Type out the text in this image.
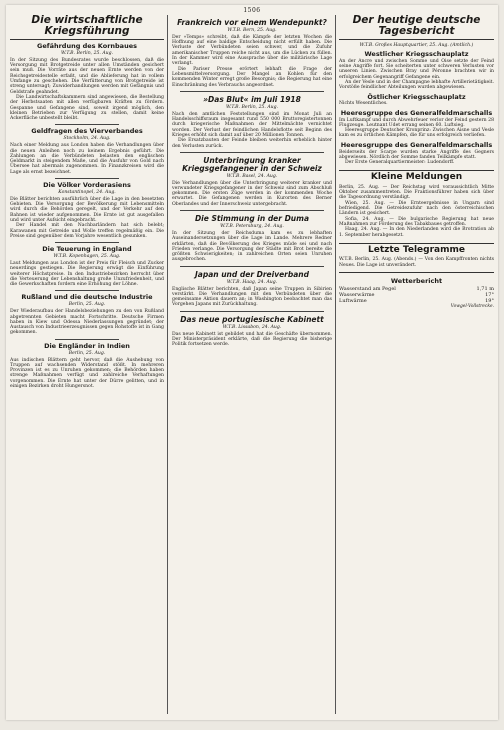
1506
Die wirtschaftliche Kriegsführung
Gefährdung des Kornbaues
W.T.B. Berlin, 25. Aug.

In der Sitzung des Bundesrates wurde beschlossen, daß die Versorgung mit Brotgetreide unter allen Umständen gesichert sein muß. Die Vorräte aus der neuen Ernte werden von der Reichsgetreidestelle erfaßt, und die Ablieferung hat in vollem Umfange zu geschehen. Die Verfütterung von Brotgetreide ist streng untersagt; Zuwiderhandlungen werden mit Gefängnis und Geldstrafe geahndet.

Die Landwirtschaftskammern sind angewiesen, die Bestellung der Herbstsaaten mit allen verfügbaren Kräften zu fördern. Gespanne und Gefangene sind, soweit irgend möglich, den kleinen Betrieben zur Verfügung zu stellen, damit keine Ackerfläche unbestellt bleibt.

Geldfragen des Vierverbandes
Stockholm, 24. Aug.

Nach einer Meldung aus London haben die Verhandlungen über die neuen Anleihen noch zu keinem Ergebnis geführt. Die Zahlungen an die Verbündeten belasten den englischen Geldmarkt in steigendem Maße, und die Ausfuhr von Gold nach Übersee hat abermals zugenommen. In Finanzkreisen wird die Lage als ernst bezeichnet.

Die Völker Vorderasiens
Konstantinopel, 24. Aug.

Die Blätter berichten ausführlich über die Lage in den besetzten Gebieten. Die Versorgung der Bevölkerung mit Lebensmitteln wird durch die Behörden geregelt, und der Verkehr auf den Bahnen ist wieder aufgenommen. Die Ernte ist gut ausgefallen und wird unter Aufsicht eingebracht.

Der Handel mit den Nachbarländern hat sich belebt; Karawanen mit Getreide und Wolle treffen regelmäßig ein. Die Preise sind gegenüber dem Vorjahre wesentlich gesunken.

Die Teuerung in England
W.T.B. Kopenhagen, 25. Aug.

Laut Meldungen aus London ist der Preis für Fleisch und Zucker neuerdings gestiegen. Die Regierung erwägt die Einführung weiterer Höchstpreise. In den Industriebezirken herrscht über die Verteuerung der Lebenshaltung große Unzufriedenheit, und die Gewerkschaften fordern eine Erhöhung der Löhne.

Rußland und die deutsche Industrie
Berlin, 25. Aug.

Der Wiederaufbau der Handelsbeziehungen zu den von Rußland abgetrennten Gebieten macht Fortschritte. Deutsche Firmen haben in Kiew und Odessa Niederlassungen gegründet; der Austausch von Industrieerzeugnissen gegen Rohstoffe ist in Gang gekommen.

Die Engländer in Indien
Berlin, 25. Aug.

Aus indischen Blättern geht hervor, daß die Aushebung von Truppen auf wachsenden Widerstand stößt. In mehreren Provinzen ist es zu Unruhen gekommen; die Behörden haben strenge Maßnahmen verfügt und zahlreiche Verhaftungen vorgenommen. Die Ernte hat unter der Dürre gelitten, und in einigen Bezirken droht Hungersnot.

Frankreich vor einem Wendepunkt?
W.T.B. Bern, 25. Aug.

Der »Temps« schreibt, daß die Kämpfe der letzten Wochen die Hoffnung auf eine baldige Entscheidung nicht erfüllt haben. Die Verluste der Verbündeten seien schwer, und die Zufuhr amerikanischer Truppen reiche nicht aus, um die Lücken zu füllen. In der Kammer wird eine Aussprache über die militärische Lage verlangt.

Die Pariser Presse erörtert lebhaft die Frage der Lebensmittelversorgung. Der Mangel an Kohlen für den kommenden Winter erregt große Besorgnis; die Regierung hat eine Einschränkung des Verbrauchs angeordnet.

»Das Blut« im Juli 1918
W.T.B. Berlin, 25. Aug.

Nach den amtlichen Feststellungen sind im Monat Juli an Handelsschiffsraum insgesamt rund 550 000 Bruttoregistertonnen durch kriegerische Maßnahmen der Mittelmächte vernichtet worden. Der Verlust der feindlichen Handelsflotte seit Beginn des Krieges erhöht sich damit auf über 20 Millionen Tonnen.

Die Ersatzbauten der Feinde bleiben weiterhin erheblich hinter den Verlusten zurück.

Unterbringung kranker Kriegsgefangener in der Schweiz
W.T.B. Basel, 24. Aug.

Die Verhandlungen über die Unterbringung weiterer kranker und verwundeter Kriegsgefangener in der Schweiz sind zum Abschluß gekommen. Die ersten Züge werden in der kommenden Woche erwartet. Die Gefangenen werden in Kurorten des Berner Oberlandes und der Innerschweiz untergebracht.

Die Stimmung in der Duma
W.T.B. Petersburg, 24. Aug.

In der Sitzung der Reichsduma kam es zu lebhaften Auseinandersetzungen über die Lage im Lande. Mehrere Redner erklärten, daß die Bevölkerung des Krieges müde sei und nach Frieden verlange. Die Versorgung der Städte mit Brot bereite die größten Schwierigkeiten; in zahlreichen Orten seien Unruhen ausgebrochen.

Japan und der Dreiverband
W.T.B. Haag, 24. Aug.

Englische Blätter berichten, daß Japan seine Truppen in Sibirien verstärkt. Die Verhandlungen mit den Verbündeten über die gemeinsame Aktion dauern an; in Washington beobachtet man das Vorgehen Japans mit Zurückhaltung.

Das neue portugiesische Kabinett
W.T.B. Lissabon, 24. Aug.

Das neue Kabinett ist gebildet und hat die Geschäfte übernommen. Der Ministerpräsident erklärte, daß die Regierung die bisherige Politik fortsetzen werde.

Der heutige deutsche Tagesbericht
W.T.B. Großes Hauptquartier, 25. Aug. (Amtlich.)
Westlicher Kriegsschauplatz

An der Ancre und zwischen Somme und Oise setzte der Feind seine Angriffe fort. Sie scheiterten unter schweren Verlusten vor unseren Linien. Zwischen Bray und Péronne brachten wir in erfolgreichem Gegenangriff Gefangene ein.

An der Vesle und in der Champagne lebhafte Artillerietätigkeit. Vorstöße feindlicher Abteilungen wurden abgewiesen.

Östlicher Kriegsschauplatz

Nichts Wesentliches.

Heeresgruppe des Generalfeldmarschalls

Im Luftkampf und durch Abwehrfeuer verlor der Feind gestern 28 Flugzeuge. Leutnant Udet errang seinen 60. Luftsieg.

Heeresgruppe Deutscher Kronprinz: Zwischen Aisne und Vesle kam es zu örtlichen Kämpfen, die für uns erfolgreich verliefen.

Heeresgruppe des Generalfeldmarschalls

Beiderseits der Scarpe wurden starke Angriffe des Gegners abgewiesen. Nördlich der Somme fanden Teilkämpfe statt.

Der Erste Generalquartiermeister: Ludendorff.

Kleine Meldungen

Berlin, 25. Aug. — Der Reichstag wird voraussichtlich Mitte Oktober zusammentreten. Die Fraktionsführer haben sich über die Tagesordnung verständigt.

Wien, 25. Aug. — Die Ernteergebnisse in Ungarn sind befriedigend. Die Getreidezufuhr nach den österreichischen Ländern ist gesichert.

Sofia, 24. Aug. — Die bulgarische Regierung hat neue Maßnahmen zur Förderung des Tabakbaues getroffen.

Haag, 24. Aug. — In den Niederlanden wird die Brotration ab 1. September herabgesetzt.

Letzte Telegramme

W.T.B. Berlin, 25. Aug. (Abends.) — Von den Kampffronten nichts Neues. Die Lage ist unverändert.

Wetterbericht
Wasserstand am Pegel	1,71 m
Wasserwärme	17°
Luftwärme	19°
Vowgel-Vollstrecke.
